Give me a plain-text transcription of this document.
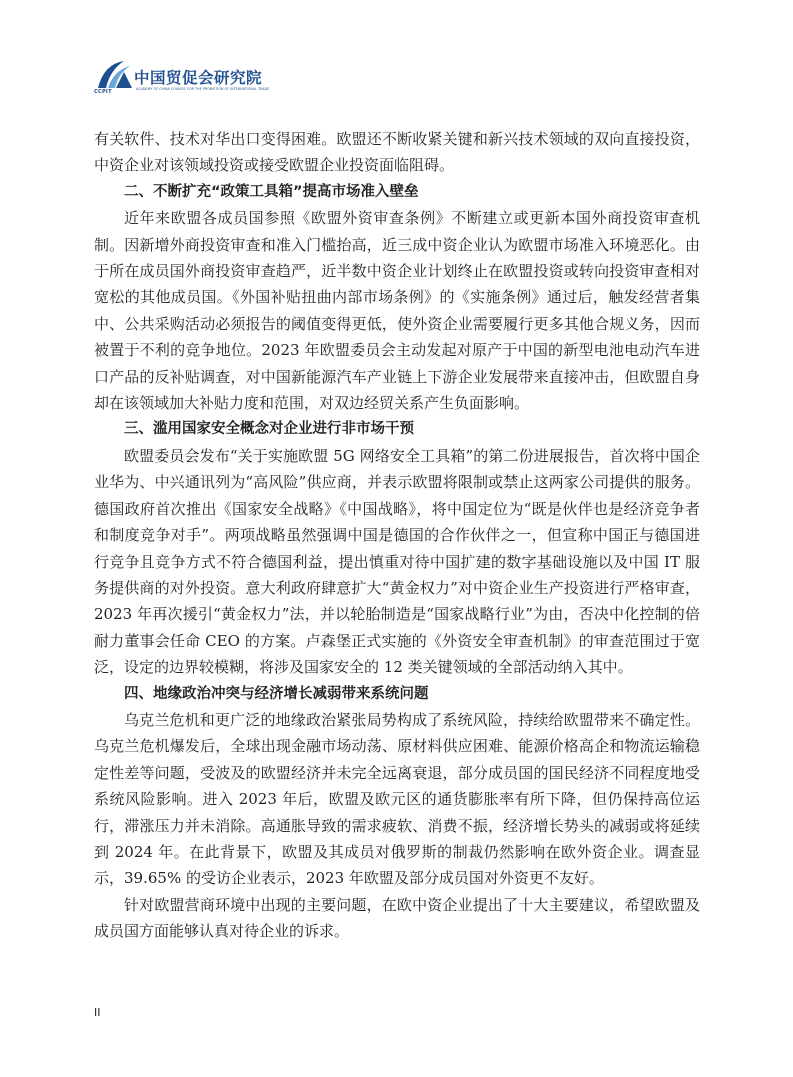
中国贸促会研究院
ACADEMY OF CHINA COUNCIL FOR THE PROMOTION OF INTERNATIONAL TRADE
CCPIT

有关软件、技术对华出口变得困难。欧盟还不断收紧关键和新兴技术领域的双向直接投资，中资企业对该领域投资或接受欧盟企业投资面临阻碍。

二、不断扩充“政策工具箱”提高市场准入壁垒

近年来欧盟各成员国参照《欧盟外资审查条例》不断建立或更新本国外商投资审查机制。因新增外商投资审查和准入门槛抬高，近三成中资企业认为欧盟市场准入环境恶化。由于所在成员国外商投资审查趋严，近半数中资企业计划终止在欧盟投资或转向投资审查相对宽松的其他成员国。《外国补贴扭曲内部市场条例》的《实施条例》通过后，触发经营者集中、公共采购活动必须报告的阈值变得更低，使外资企业需要履行更多其他合规义务，因而被置于不利的竞争地位。2023 年欧盟委员会主动发起对原产于中国的新型电池电动汽车进口产品的反补贴调查，对中国新能源汽车产业链上下游企业发展带来直接冲击，但欧盟自身却在该领域加大补贴力度和范围，对双边经贸关系产生负面影响。

三、滥用国家安全概念对企业进行非市场干预

欧盟委员会发布“关于实施欧盟 5G 网络安全工具箱”的第二份进展报告，首次将中国企业华为、中兴通讯列为“高风险”供应商，并表示欧盟将限制或禁止这两家公司提供的服务。德国政府首次推出《国家安全战略》《中国战略》，将中国定位为“既是伙伴也是经济竞争者和制度竞争对手”。两项战略虽然强调中国是德国的合作伙伴之一，但宣称中国正与德国进行竞争且竞争方式不符合德国利益，提出慎重对待中国扩建的数字基础设施以及中国 IT 服务提供商的对外投资。意大利政府肆意扩大“黄金权力”对中资企业生产投资进行严格审查，2023 年再次援引“黄金权力”法，并以轮胎制造是“国家战略行业”为由，否决中化控制的倍耐力董事会任命 CEO 的方案。卢森堡正式实施的《外资安全审查机制》的审查范围过于宽泛，设定的边界较模糊，将涉及国家安全的 12 类关键领域的全部活动纳入其中。

四、地缘政治冲突与经济增长减弱带来系统问题

乌克兰危机和更广泛的地缘政治紧张局势构成了系统风险，持续给欧盟带来不确定性。乌克兰危机爆发后，全球出现金融市场动荡、原材料供应困难、能源价格高企和物流运输稳定性差等问题，受波及的欧盟经济并未完全远离衰退，部分成员国的国民经济不同程度地受系统风险影响。进入 2023 年后，欧盟及欧元区的通货膨胀率有所下降，但仍保持高位运行，滞涨压力并未消除。高通胀导致的需求疲软、消费不振，经济增长势头的减弱或将延续到 2024 年。在此背景下，欧盟及其成员对俄罗斯的制裁仍然影响在欧外资企业。调查显示，39.65% 的受访企业表示，2023 年欧盟及部分成员国对外资更不友好。

针对欧盟营商环境中出现的主要问题，在欧中资企业提出了十大主要建议，希望欧盟及成员国方面能够认真对待企业的诉求。

II
